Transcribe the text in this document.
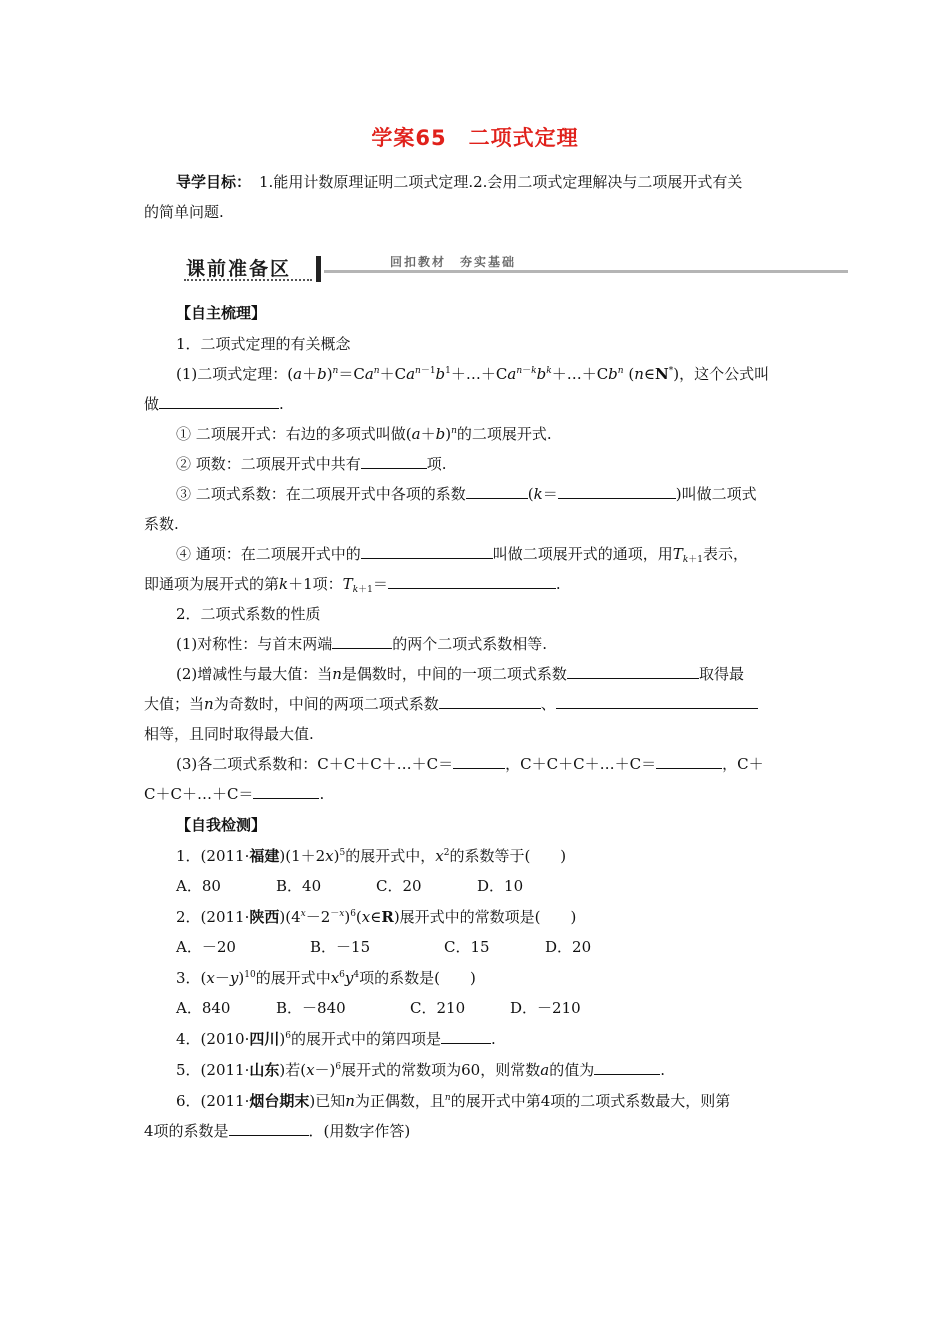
学案65　二项式定理
导学目标： 1.能用计数原理证明二项式定理.2.会用二项式定理解决与二项展开式有关
的简单问题.
课前准备区	回扣教材　夯实基础
【自主梳理】
1．二项式定理的有关概念
(1)二项式定理：$(a+b)^n=Ca^n+Ca^{n-1}b^1+\dots+Ca^{n-k}b^k+\dots+Cb^n$ (n∈N*)，这个公式叫
做	.
① 二项展开式：右边的多项式叫做$(a+b)^n$的二项展开式.
② 项数：二项展开式中共有	项.
③ 二项式系数：在二项展开式中各项的系数	(k＝	)叫做二项式
系数.
④ 通项：在二项展开式中的	叫做二项展开式的通项，用$T_{k+1}$表示，
即通项为展开式的第k＋1项：$T_{k+1}=$	.
2．二项式系数的性质
(1)对称性：与首末两端	的两个二项式系数相等.
(2)增减性与最大值：当n是偶数时，中间的一项二项式系数	取得最
大值；当n为奇数时，中间的两项二项式系数	、
相等，且同时取得最大值.
(3)各二项式系数和：C＋C＋C＋…＋C＝	，C＋C＋C＋…＋C＝	，C＋
C＋C＋…＋C＝	.
【自我检测】
1．(2011·福建)$(1+2x)^5$的展开式中，$x^2$的系数等于(　　)
A．80	B．40	C．20	D．10
2．(2011·陕西)$(4^x-2^{-x})^6(x\in R)$展开式中的常数项是(　　)
A．－20	B．－15	C．15	D．20
3．$(x-y)^{10}$的展开式中$x^6y^4$项的系数是(　　)
A．840	B．－840	C．210	D．－210
4．(2010·四川)$^6$的展开式中的第四项是	.
5．(2011·山东)若$(x-)^6$展开式的常数项为60，则常数a的值为	.
6．(2011·烟台期末)已知n为正偶数，且$^n$的展开式中第4项的二项式系数最大，则第
4项的系数是	．(用数字作答)
